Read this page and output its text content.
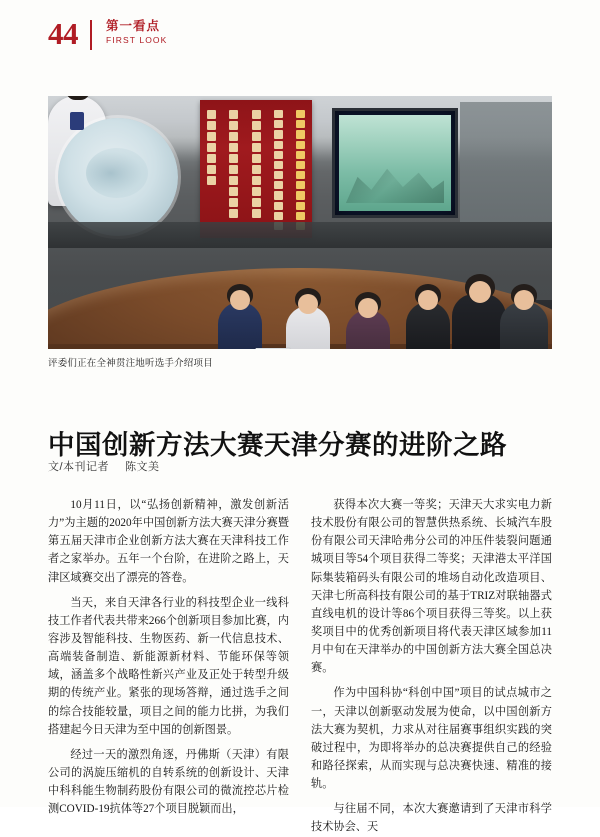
44 第一看点
FIRST LOOK
评委们正在全神贯注地听选手介绍项目
中国创新方法大赛天津分赛的进阶之路
文/本刊记者 陈文美

10月11日，以“弘扬创新精神，激发创新活力”为主题的2020年中国创新方法大赛天津分赛暨第五届天津市企业创新方法大赛在天津科技工作者之家举办。五年一个台阶，在进阶之路上，天津区域赛交出了漂亮的答卷。

当天，来自天津各行业的科技型企业一线科技工作者代表共带来266个创新项目参加比赛，内容涉及智能科技、生物医药、新一代信息技术、高端装备制造、新能源新材料、节能环保等领域，涵盖多个战略性新兴产业及正处于转型升级期的传统产业。紧张的现场答辩，通过选手之间的综合技能较量，项目之间的能力比拼，为我们搭建起今日天津为至中国的创新图景。

经过一天的激烈角逐，丹佛斯（天津）有限公司的涡旋压缩机的自转系统的创新设计、天津中科科能生物制药股份有限公司的微流控芯片检测COVID-19抗体等27个项目脱颖而出，

获得本次大赛一等奖；天津天大求实电力新技术股份有限公司的智慧供热系统、长城汽车股份有限公司天津哈弗分公司的冲压件装裂问题通城项目等54个项目获得二等奖；天津港太平洋国际集装箱码头有限公司的堆场自动化改造项目、天津七所高科技有限公司的基于TRIZ对联轴器式直线电机的设计等86个项目获得三等奖。以上获奖项目中的优秀创新项目将代表天津区域参加11月中旬在天津举办的中国创新方法大赛全国总决赛。

作为中国科协“科创中国”项目的试点城市之一，天津以创新驱动发展为使命，以中国创新方法大赛为契机，力求从对往届赛事组织实践的突破过程中，为即将举办的总决赛提供自己的经验和路径探索，从而实现与总决赛快速、精准的接轨。

与往届不同，本次大赛邀请到了天津市科学技术协会、天
